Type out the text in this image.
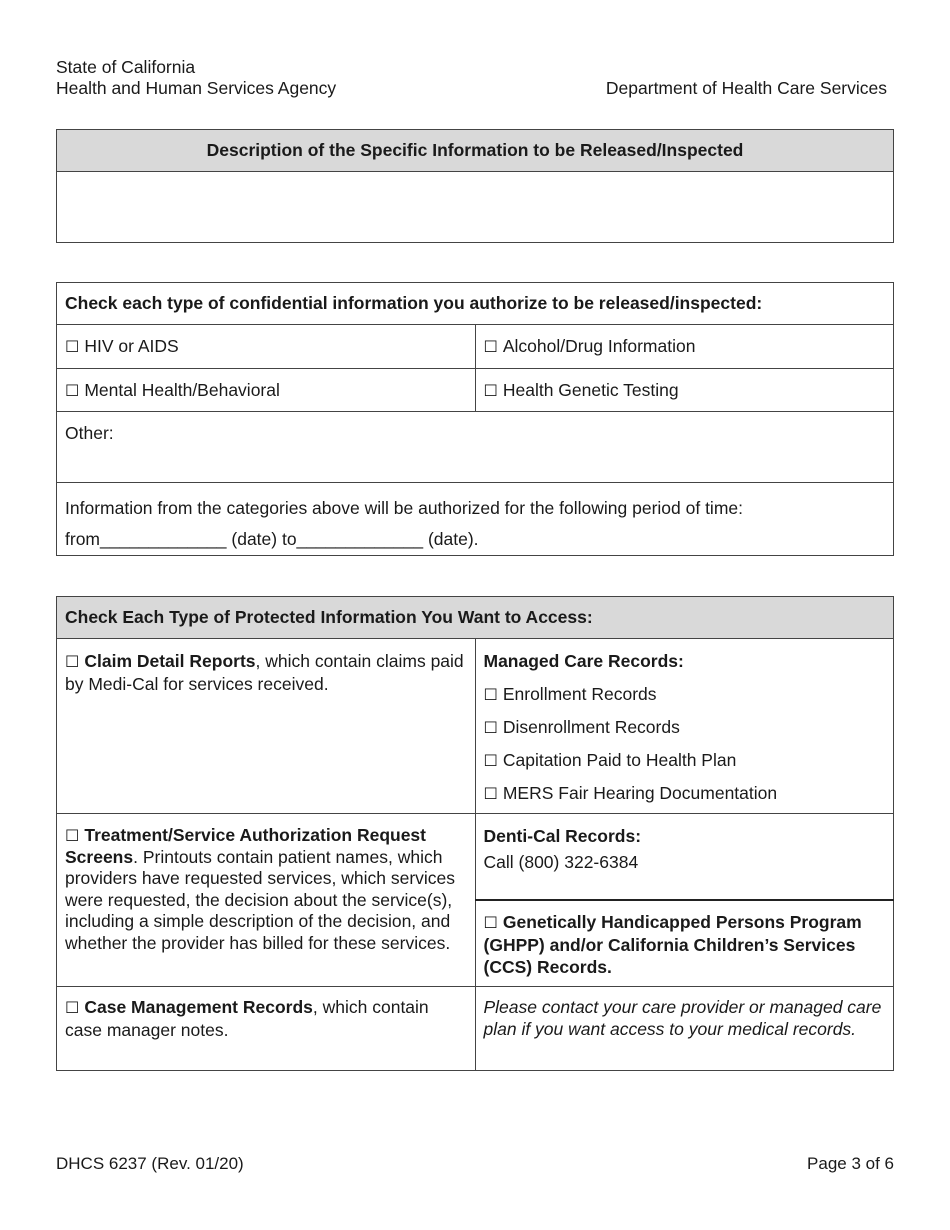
State of California
Health and Human Services Agency	Department of Health Care Services
Description of the Specific Information to be Released/Inspected

Check each type of confidential information you authorize to be released/inspected:	
☐ HIV or AIDS	☐ Alcohol/Drug Information
☐ Mental Health/Behavioral	☐ Health Genetic Testing
Other:	

Information from the categories above will be authorized for the following period of time:
from_____________ (date) to_____________ (date).	
Check Each Type of Protected Information You Want to Access:	
☐ Claim Detail Reports, which contain claims paid by Medi-Cal for services received.	Managed Care Records:
☐ Enrollment Records
☐ Disenrollment Records
☐ Capitation Paid to Health Plan
☐ MERS Fair Hearing Documentation

☐ Treatment/Service Authorization Request Screens. Printouts contain patient names, which providers have requested services, which services were requested, the decision about the service(s), including a simple description of the decision, and whether the provider has billed for these services.	Denti-Cal Records:
Call (800) 322-6384

	☐ Genetically Handicapped Persons Program (GHPP) and/or California Children’s Services (CCS) Records.
☐ Case Management Records, which contain case manager notes.	Please contact your care provider or managed care plan if you want access to your medical records.
DHCS 6237 (Rev. 01/20)	Page 3 of 6
